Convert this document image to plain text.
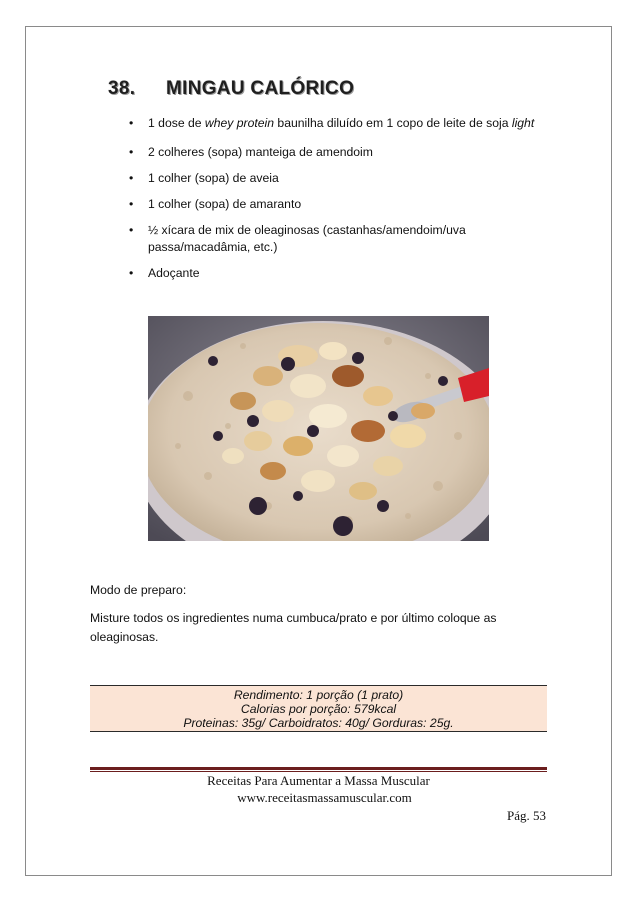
38. MINGAU CALÓRICO
• 1 dose de whey protein baunilha diluído em 1 copo de leite de soja light
• 2 colheres (sopa) manteiga de amendoim
• 1 colher (sopa) de aveia
• 1 colher (sopa) de amaranto
• ½ xícara de mix de oleaginosas (castanhas/amendoim/uva passa/macadâmia, etc.)
• Adoçante
Modo de preparo:
Misture todos os ingredientes numa cumbuca/prato e por último coloque as oleaginosas.
Rendimento: 1 porção (1 prato)
Calorias por porção: 579kcal
Proteinas: 35g/ Carboidratos: 40g/ Gorduras: 25g.
Receitas Para Aumentar a Massa Muscular
www.receitasmassamuscular.com
Pág. 53
